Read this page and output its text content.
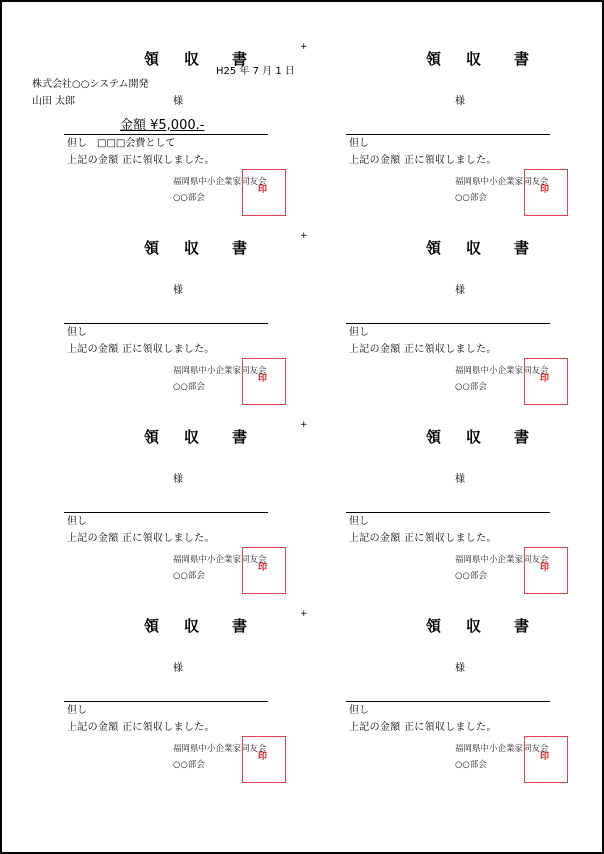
+
領 収 書
H25 年 7 月 1 日
株式会社○○システム開発
山田 太郎	様
金額 ¥5,000.-
但し　□□□会費として
上記の金額 正に領収しました。
福岡県中小企業家同友会
○○部会
印
領 収 書
様
但し
上記の金額 正に領収しました。
福岡県中小企業家同友会
○○部会
印
+
領 収 書
様
但し
上記の金額 正に領収しました。
福岡県中小企業家同友会
○○部会
印
領 収 書
様
但し
上記の金額 正に領収しました。
福岡県中小企業家同友会
○○部会
印
+
領 収 書
様
但し
上記の金額 正に領収しました。
福岡県中小企業家同友会
○○部会
印
領 収 書
様
但し
上記の金額 正に領収しました。
福岡県中小企業家同友会
○○部会
印
+
領 収 書
様
但し
上記の金額 正に領収しました。
福岡県中小企業家同友会
○○部会
印
領 収 書
様
但し
上記の金額 正に領収しました。
福岡県中小企業家同友会
○○部会
印
